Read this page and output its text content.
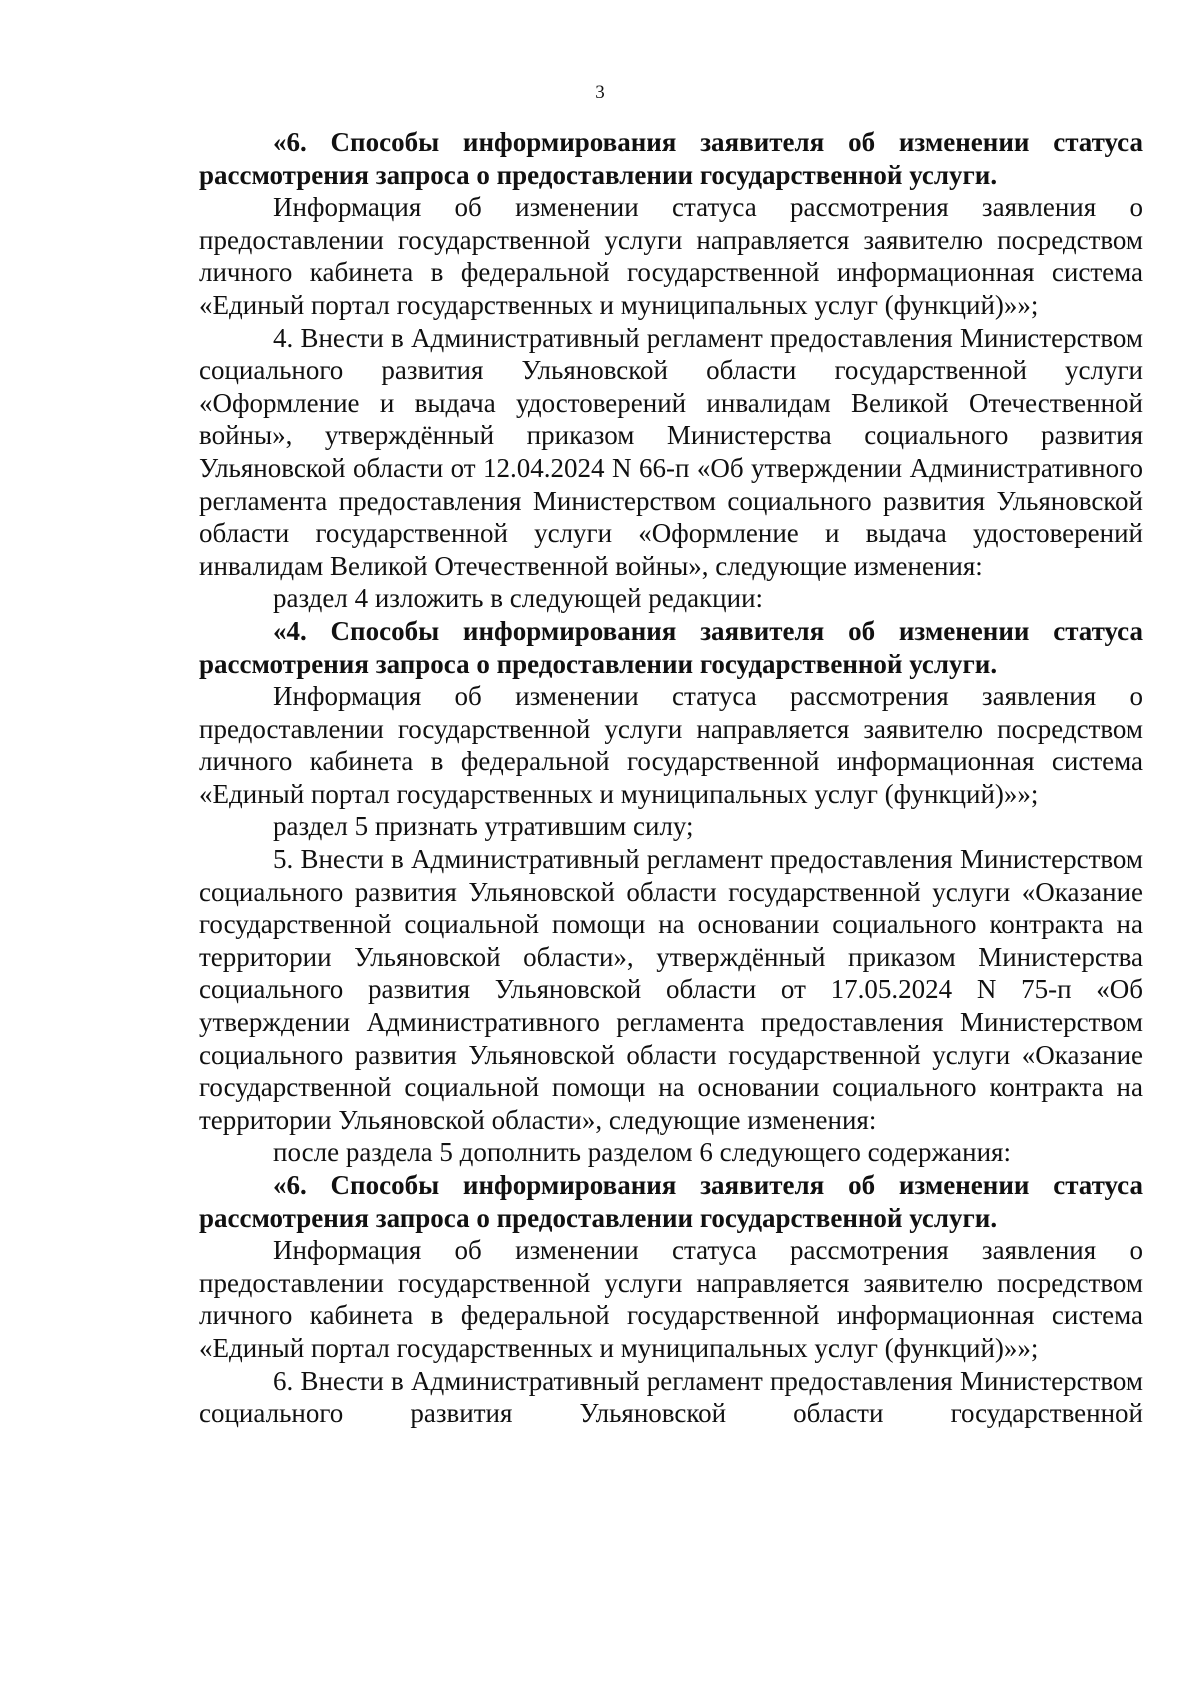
3

«6. Способы информирования заявителя об изменении статуса рассмотрения запроса о предоставлении государственной услуги.

Информация об изменении статуса рассмотрения заявления о предоставлении государственной услуги направляется заявителю посредством личного кабинета в федеральной государственной информационная система «Единый портал государственных и муниципальных услуг (функций)»»;

4. Внести в Административный регламент предоставления Министерством социального развития Ульяновской области государственной услуги «Оформление и выдача удостоверений инвалидам Великой Отечественной войны», утверждённый приказом Министерства социального развития Ульяновской области от 12.04.2024 N 66-п «Об утверждении Административного регламента предоставления Министерством социального развития Ульяновской области государственной услуги «Оформление и выдача удостоверений инвалидам Великой Отечественной войны», следующие изменения:

раздел 4 изложить в следующей редакции:

«4. Способы информирования заявителя об изменении статуса рассмотрения запроса о предоставлении государственной услуги.

Информация об изменении статуса рассмотрения заявления о предоставлении государственной услуги направляется заявителю посредством личного кабинета в федеральной государственной информационная система «Единый портал государственных и муниципальных услуг (функций)»»;

раздел 5 признать утратившим силу;

5. Внести в Административный регламент предоставления Министерством социального развития Ульяновской области государственной услуги «Оказание государственной социальной помощи на основании социального контракта на территории Ульяновской области», утверждённый приказом Министерства социального развития Ульяновской области от 17.05.2024 N 75-п «Об утверждении Административного регламента предоставления Министерством социального развития Ульяновской области государственной услуги «Оказание государственной социальной помощи на основании социального контракта на территории Ульяновской области», следующие изменения:

после раздела 5 дополнить разделом 6 следующего содержания:

«6. Способы информирования заявителя об изменении статуса рассмотрения запроса о предоставлении государственной услуги.

Информация об изменении статуса рассмотрения заявления о предоставлении государственной услуги направляется заявителю посредством личного кабинета в федеральной государственной информационная система «Единый портал государственных и муниципальных услуг (функций)»»;

6. Внести в Административный регламент предоставления Министерством социального развития Ульяновской области государственной
